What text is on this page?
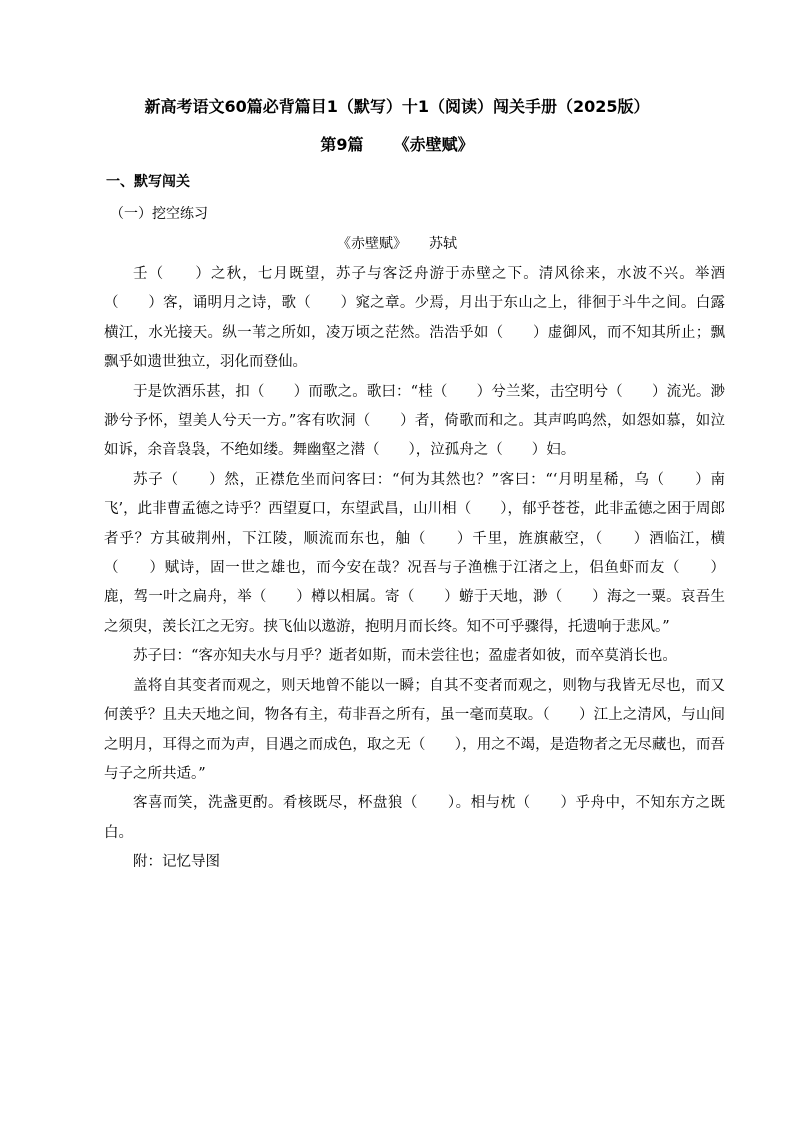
新高考语文60篇必背篇目1（默写）十1（阅读）闯关手册（2025版）
第9篇 《赤壁赋》
一、默写闯关
（一）挖空练习
《赤壁赋》 苏轼

壬（　　）之秋，七月既望，苏子与客泛舟游于赤壁之下。清风徐来，水波不兴。举酒（　　）客，诵明月之诗，歌（　　）窕之章。少焉，月出于东山之上，徘徊于斗牛之间。白露横江，水光接天。纵一苇之所如，凌万顷之茫然。浩浩乎如（　　）虚御风，而不知其所止；飘飘乎如遗世独立，羽化而登仙。

于是饮酒乐甚，扣（　　）而歌之。歌曰：“桂（　　）兮兰桨，击空明兮（　　）流光。渺渺兮予怀，望美人兮天一方。”客有吹洞（　　）者，倚歌而和之。其声呜呜然，如怨如慕，如泣如诉，余音袅袅，不绝如缕。舞幽壑之潜（　　），泣孤舟之（　　）妇。

苏子（　　）然，正襟危坐而问客曰：“何为其然也？”客曰：“‘月明星稀，乌（　　）南飞’，此非曹孟德之诗乎？西望夏口，东望武昌，山川相（　　），郁乎苍苍，此非孟德之困于周郎者乎？方其破荆州，下江陵，顺流而东也，舳（　　）千里，旌旗蔽空，（　　）酒临江，横（　　）赋诗，固一世之雄也，而今安在哉？况吾与子渔樵于江渚之上，侣鱼虾而友（　　）鹿，驾一叶之扁舟，举（　　）樽以相属。寄（　　）蝣于天地，渺（　　）海之一粟。哀吾生之须臾，羡长江之无穷。挟飞仙以遨游，抱明月而长终。知不可乎骤得，托遗响于悲风。”

苏子曰：“客亦知夫水与月乎？逝者如斯，而未尝往也；盈虚者如彼，而卒莫消长也。

盖将自其变者而观之，则天地曾不能以一瞬；自其不变者而观之，则物与我皆无尽也，而又何羡乎？且夫天地之间，物各有主，苟非吾之所有，虽一毫而莫取。（　　）江上之清风，与山间之明月，耳得之而为声，目遇之而成色，取之无（　　），用之不竭，是造物者之无尽藏也，而吾与子之所共适。”

客喜而笑，洗盏更酌。肴核既尽，杯盘狼（　　）。相与枕（　　）乎舟中，不知东方之既白。

附：记忆导图
